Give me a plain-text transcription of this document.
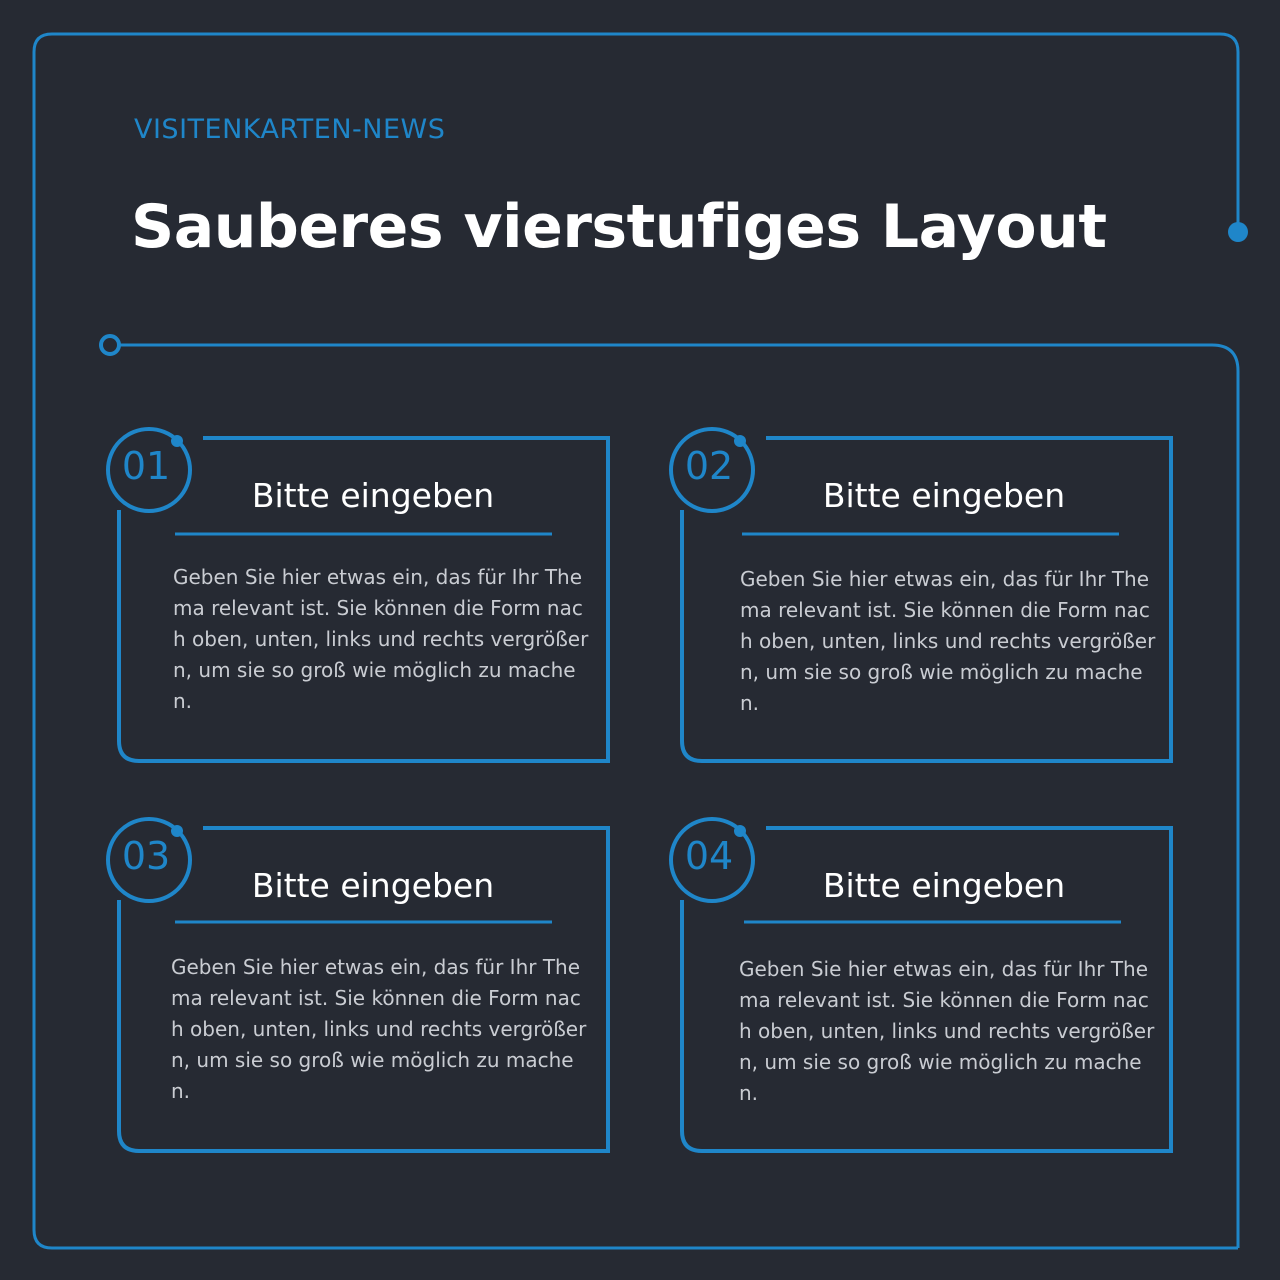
VISITENKARTEN-NEWS
Sauberes vierstufiges Layout
01
Bitte eingeben
Geben Sie hier etwas ein, das für Ihr Thema relevant ist. Sie können die Form nach oben, unten, links und rechts vergrößern, um sie so groß wie möglich zu machen.
02
Bitte eingeben
Geben Sie hier etwas ein, das für Ihr Thema relevant ist. Sie können die Form nach oben, unten, links und rechts vergrößern, um sie so groß wie möglich zu machen.
03
Bitte eingeben
Geben Sie hier etwas ein, das für Ihr Thema relevant ist. Sie können die Form nach oben, unten, links und rechts vergrößern, um sie so groß wie möglich zu machen.
04
Bitte eingeben
Geben Sie hier etwas ein, das für Ihr Thema relevant ist. Sie können die Form nach oben, unten, links und rechts vergrößern, um sie so groß wie möglich zu machen.
